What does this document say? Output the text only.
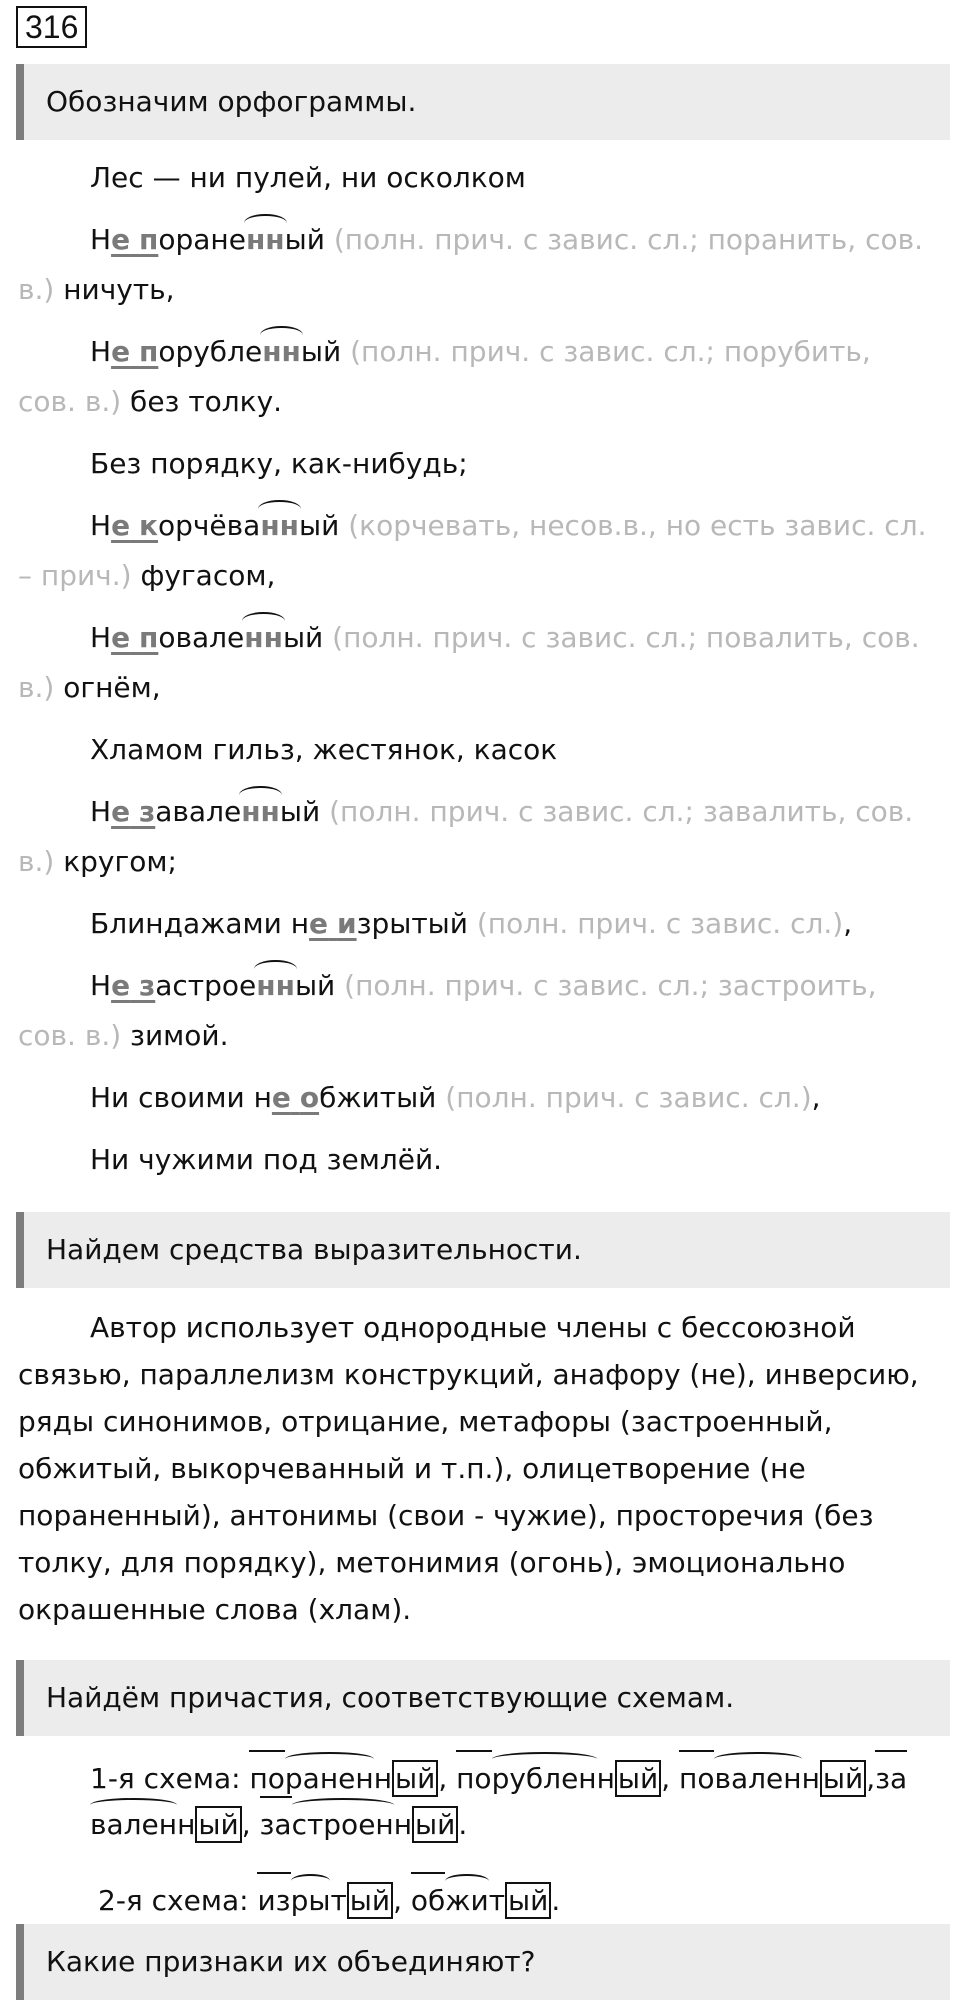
316
Обозначим орфограммы.
Лес — ни пулей, ни осколком
Не пораненный (полн. прич. с завис. сл.; поранить, сов.
в.) ничуть,
Не порубленный (полн. прич. с завис. сл.; порубить,
сов. в.) без толку.
Без порядку, как-нибудь;
Не корчёванный (корчевать, несов.в., но есть завис. сл.
– прич.) фугасом,
Не поваленный (полн. прич. с завис. сл.; повалить, сов.
в.) огнём,
Хламом гильз, жестянок, касок
Не заваленный (полн. прич. с завис. сл.; завалить, сов.
в.) кругом;
Блиндажами не изрытый (полн. прич. с завис. сл.),
Не застроенный (полн. прич. с завис. сл.; застроить,
сов. в.) зимой.
Ни своими не обжитый (полн. прич. с завис. сл.),
Ни чужими под землёй.
Найдем средства выразительности.
Автор использует однородные члены с бессоюзной связью, параллелизм конструкций, анафору (не), инверсию, ряды синонимов, отрицание, метафоры (застроенный, обжитый, выкорчеванный и т.п.), олицетворение (не пораненный), антонимы (свои - чужие), просторечия (без толку, для порядку), метонимия (огонь), эмоционально окрашенные слова (хлам).
Найдём причастия, соответствующие схемам.
1-я схема: пораненн ый , порубленн ый , поваленн ый ,заваленн ый , застроенн ый .
2-я схема: изрыт ый , обжит ый .
Какие признаки их объединяют?
